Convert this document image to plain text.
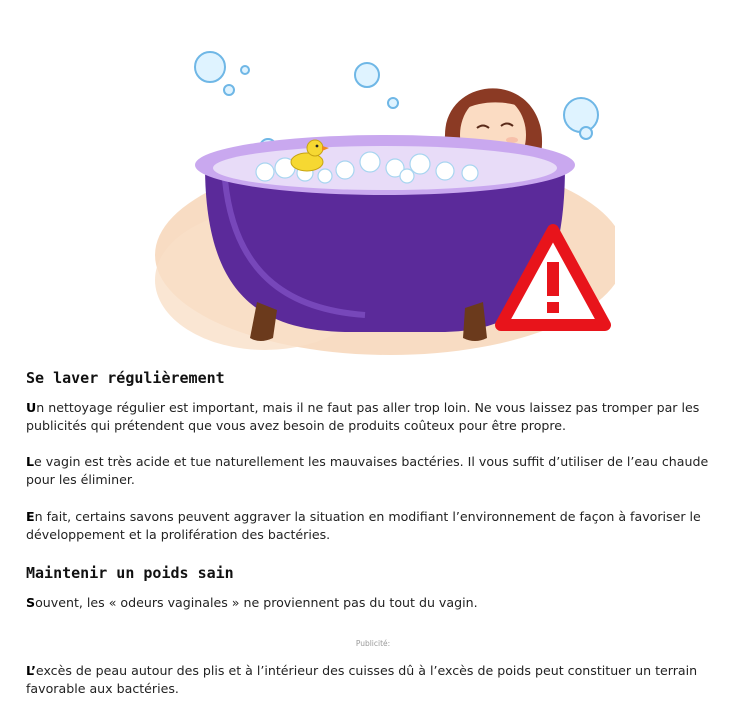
Se laver régulièrement

Un nettoyage régulier est important, mais il ne faut pas aller trop loin. Ne vous laissez pas tromper par les publicités qui prétendent que vous avez besoin de produits coûteux pour être propre.

Le vagin est très acide et tue naturellement les mauvaises bactéries. Il vous suffit d’utiliser de l’eau chaude pour les éliminer.

En fait, certains savons peuvent aggraver la situation en modifiant l’environnement de façon à favoriser le développement et la prolifération des bactéries.

Maintenir un poids sain

Souvent, les « odeurs vaginales » ne proviennent pas du tout du vagin.

Publicité:

L’excès de peau autour des plis et à l’intérieur des cuisses dû à l’excès de poids peut constituer un terrain favorable aux bactéries.
